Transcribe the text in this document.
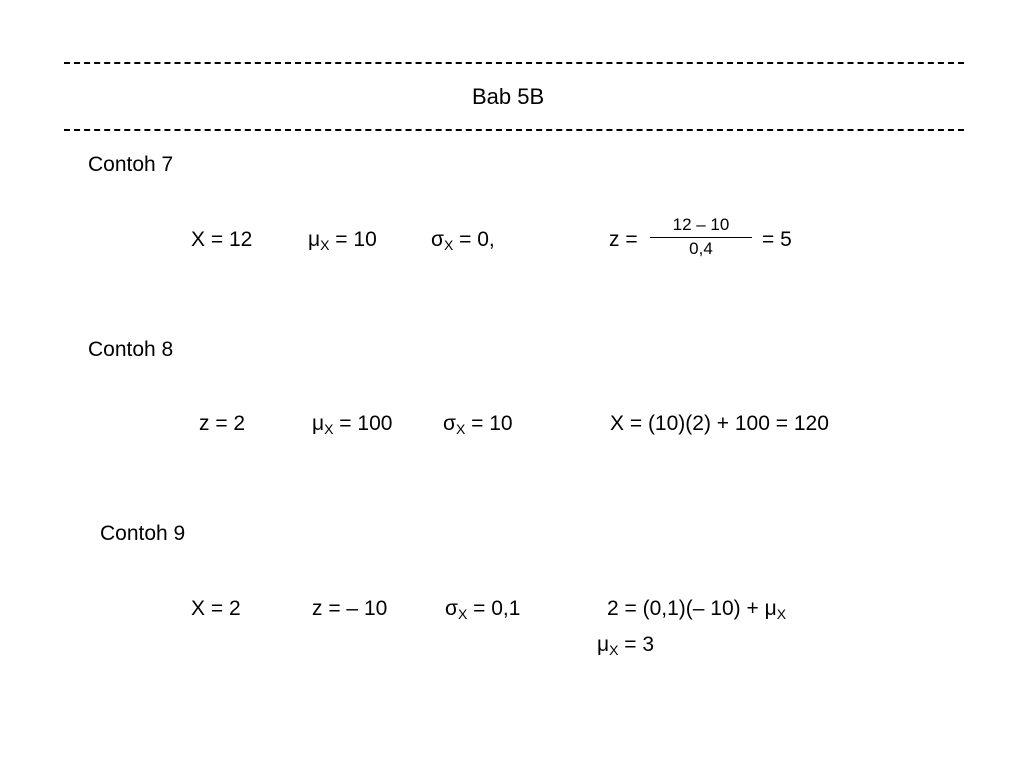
Bab 5B
Contoh 7
X = 12	$\mu_X = 10$	$\sigma_X = 0$,	z =
12 – 10
0,4	= 5
Contoh 8
z = 2	$\mu_X = 100$ $\sigma_X = 10$	X = (10)(2) + 100 = 120
Contoh 9
X = 2	z = – 10	$\sigma_X = 0,1$	2 = (0,1)(– $10) + \mu_X$
$\mu_X = 3$
